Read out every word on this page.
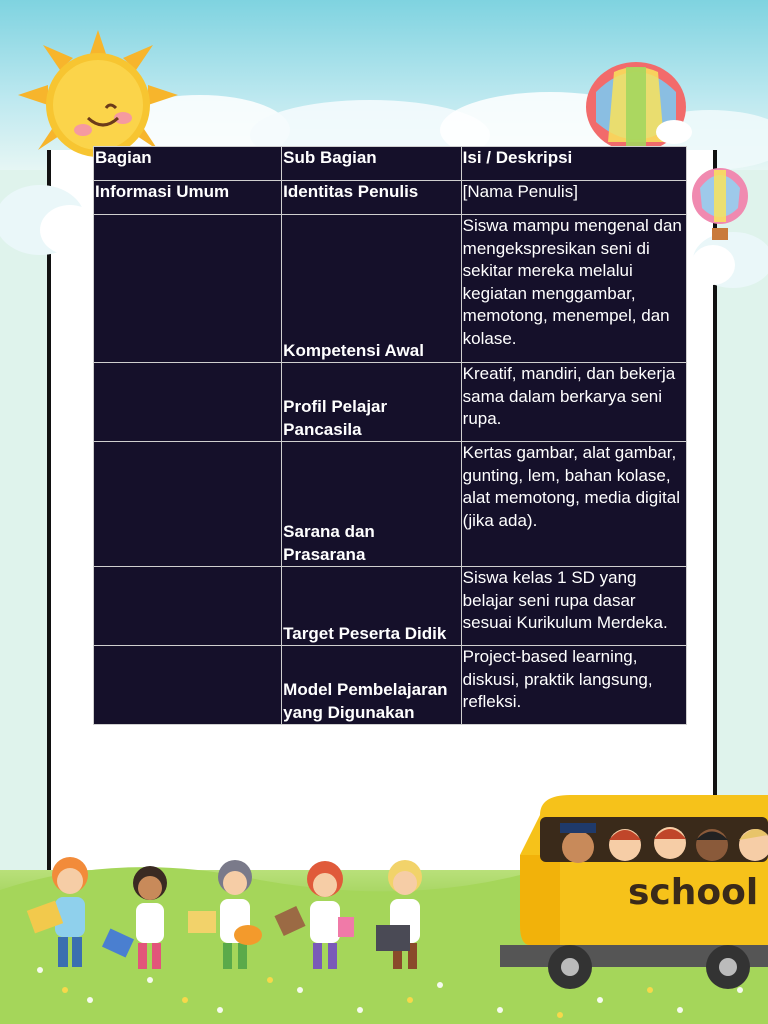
Bagian	Sub Bagian	Isi / Deskripsi
Informasi Umum	Identitas Penulis	[Nama Penulis]
	Kompetensi Awal	Siswa mampu mengenal dan mengekspresikan seni di sekitar mereka melalui kegiatan menggambar, memotong, menempel, dan kolase.
	Profil Pelajar Pancasila	Kreatif, mandiri, dan bekerja sama dalam berkarya seni rupa.
	Sarana dan Prasarana	Kertas gambar, alat gambar, gunting, lem, bahan kolase, alat memotong, media digital (jika ada).
	Target Peserta Didik	Siswa kelas 1 SD yang belajar seni rupa dasar sesuai Kurikulum Merdeka.
	Model Pembelajaran yang Digunakan	Project-based learning, diskusi, praktik langsung, refleksi.
school
